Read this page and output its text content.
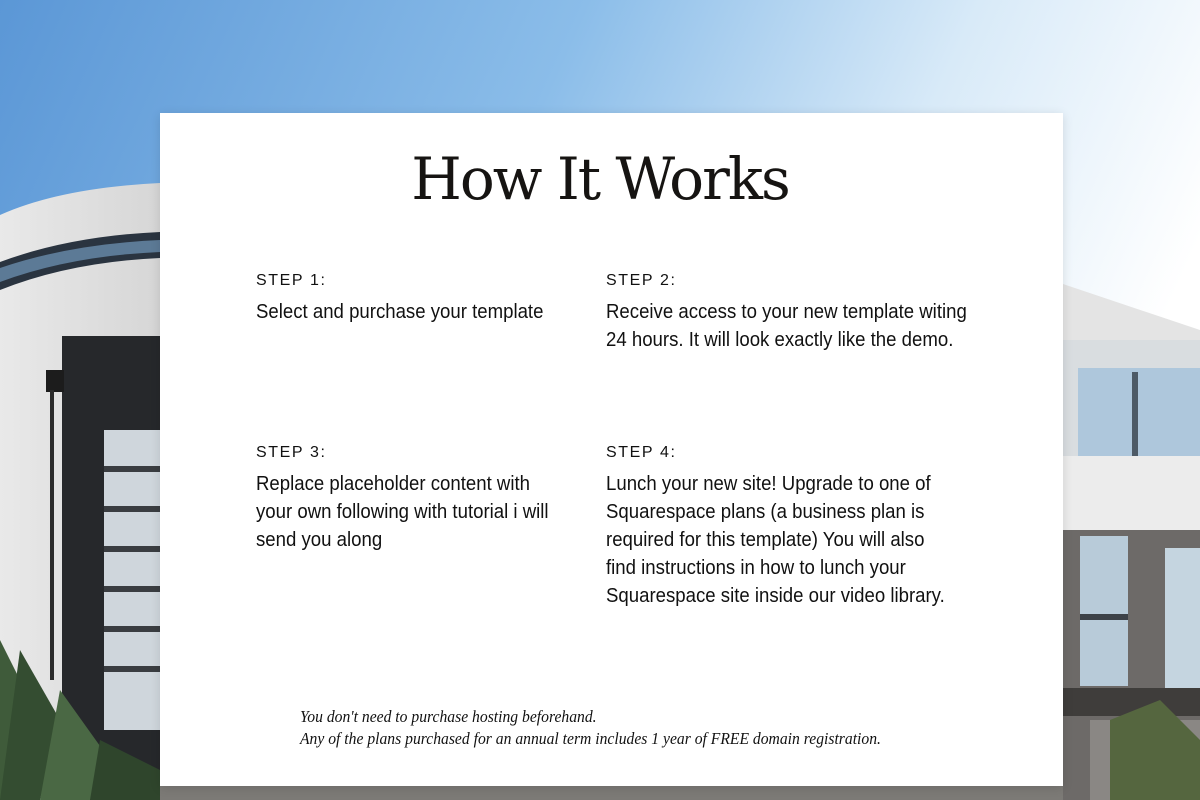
How It Works
STEP 1:
Select and purchase your template
STEP 2:
Receive access to your new template witing
24 hours. It will look exactly like the demo.
STEP 3:
Replace placeholder content with
your own following with tutorial i will
send you along
STEP 4:
Lunch your new site! Upgrade to one of
Squarespace plans (a business plan is
required for this template) You will also
find instructions in how to lunch your
Squarespace site inside our video library.
You don't need to purchase hosting beforehand.
Any of the plans purchased for an annual term includes 1 year of FREE domain registration.
